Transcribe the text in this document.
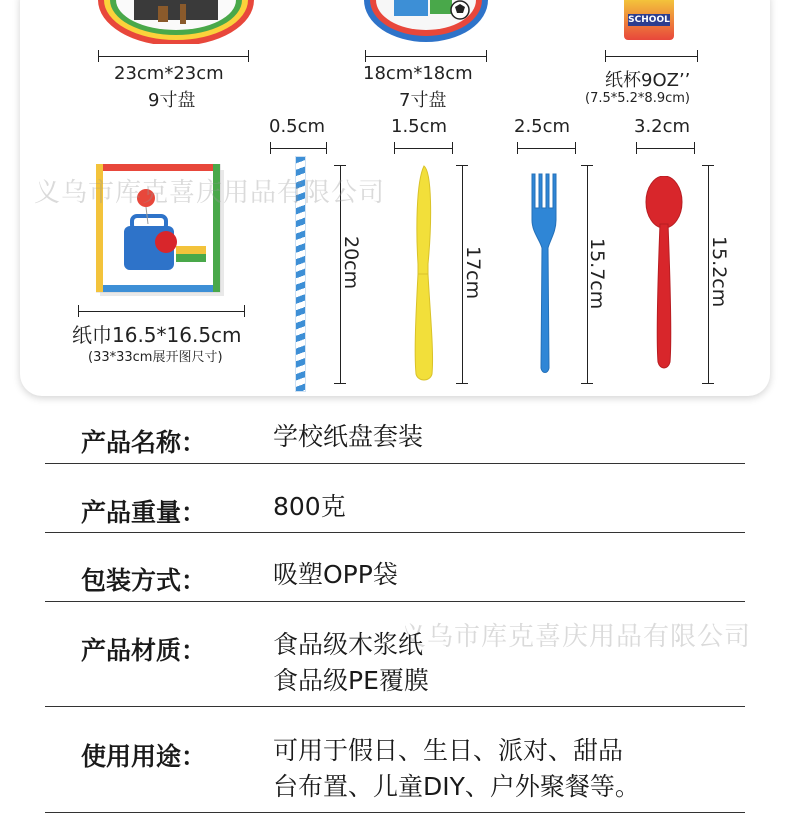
23cm*23cm
9寸盘
18cm*18cm
7寸盘
SCHOOL
纸杯9OZ’’
(7.5*5.2*8.9cm)
纸巾16.5*16.5cm
(33*33cm展开图尺寸)
0.5cm
20cm
1.5cm
17cm
2.5cm
15.7cm
3.2cm
15.2cm
义乌市库克喜庆用品有限公司
义乌市库克喜庆用品有限公司
产品名称：	学校纸盘套装
产品重量：	800克
包装方式：	吸塑OPP袋
产品材质：	食品级木浆纸
食品级PE覆膜
使用用途：	可用于假日、生日、派对、甜品
台布置、儿童DIY、户外聚餐等。
